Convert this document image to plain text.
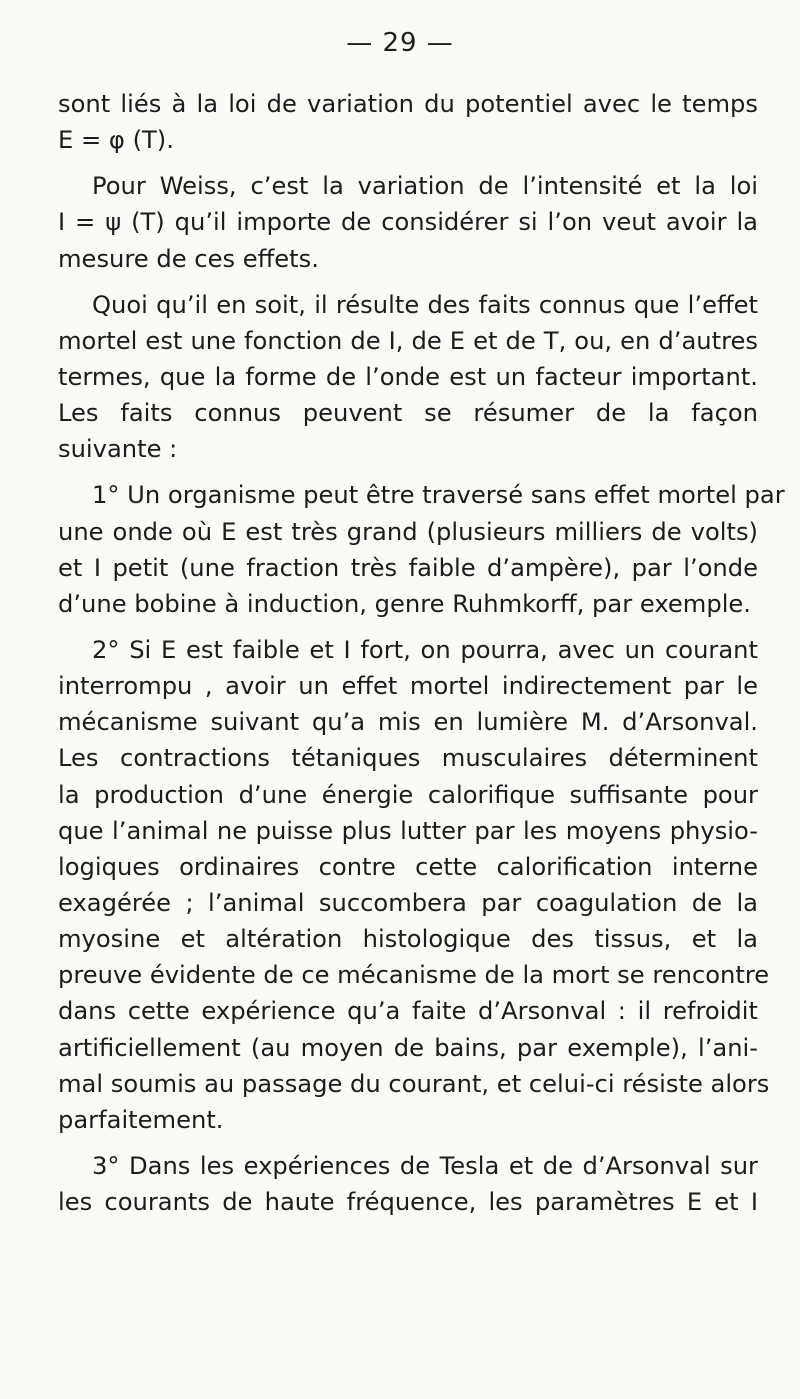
— 29 —
sont liés à la loi de variation du potentiel avec le temps
E = φ (T).
Pour Weiss, c’est la variation de l’intensité et la loi
I = ψ (T) qu’il importe de considérer si l’on veut avoir la
mesure de ces effets.
Quoi qu’il en soit, il résulte des faits connus que l’effet
mortel est une fonction de I, de E et de T, ou, en d’autres
termes, que la forme de l’onde est un facteur important.
Les faits connus peuvent se résumer de la façon
suivante :
1° Un organisme peut être traversé sans effet mortel par
une onde où E est très grand (plusieurs milliers de volts)
et I petit (une fraction très faible d’ampère), par l’onde
d’une bobine à induction, genre Ruhmkorff, par exemple.
2° Si E est faible et I fort, on pourra, avec un courant
interrompu , avoir un effet mortel indirectement par le
mécanisme suivant qu’a mis en lumière M. d’Arsonval.
Les contractions tétaniques musculaires déterminent
la production d’une énergie calorifique suffisante pour
que l’animal ne puisse plus lutter par les moyens physio-
logiques ordinaires contre cette calorification interne
exagérée ; l’animal succombera par coagulation de la
myosine et altération histologique des tissus, et la
preuve évidente de ce mécanisme de la mort se rencontre
dans cette expérience qu’a faite d’Arsonval : il refroidit
artificiellement (au moyen de bains, par exemple), l’ani-
mal soumis au passage du courant, et celui-ci résiste alors
parfaitement.
3° Dans les expériences de Tesla et de d’Arsonval sur
les courants de haute fréquence, les paramètres E et I
